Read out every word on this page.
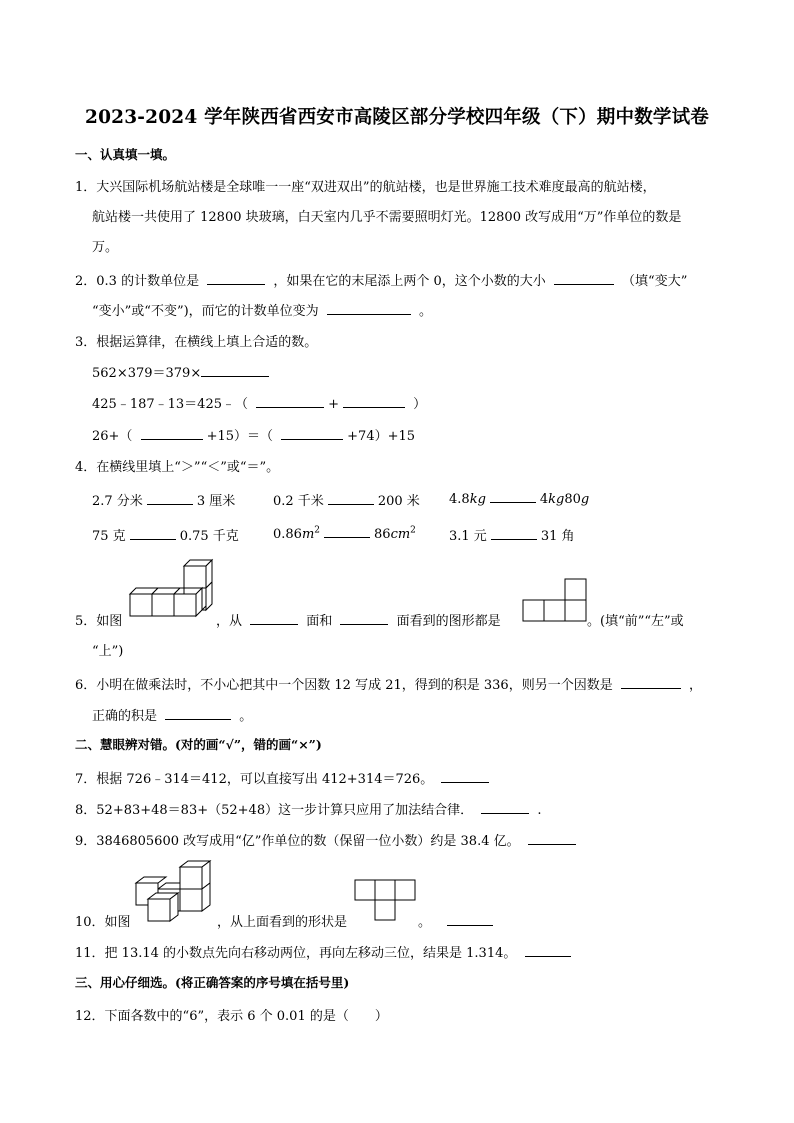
2023-2024 学年陕西省西安市高陵区部分学校四年级（下）期中数学试卷
一、认真填一填。
1．大兴国际机场航站楼是全球唯一一座“双进双出”的航站楼，也是世界施工技术难度最高的航站楼，
航站楼一共使用了 12800 块玻璃，白天室内几乎不需要照明灯光。12800 改写成用“万”作单位的数是
万。
2．0.3 的计数单位是	，如果在它的末尾添上两个 0，这个小数的大小	（填“变大”
“变小”或“不变”)，而它的计数单位变为	。
3．根据运算律，在横线上填上合适的数。
562×379＝379×
425﹣187﹣13＝425﹣（	+	）
26+（	+15）＝（	+74）+15
4．在横线里填上“＞”“＜”或“＝”。
2.7 分米	3 厘米	0.2 千米	200 米 4.8kg	4kg80g
75 克	0.75 千克	$0.86m^2$	$86cm^2$	3.1 元	31 角
5．如图	，从	面和	面看到的图形都是	。(填“前”“左”或
“上”)
6．小明在做乘法时，不小心把其中一个因数 12 写成 21，得到的积是 336，则另一个因数是	，
正确的积是	。
二、慧眼辨对错。(对的画“√”，错的画“×”)
7．根据 726﹣314＝412，可以直接写出 412+314＝726。
8．52+83+48＝83+（52+48）这一步计算只应用了加法结合律．	.
9．3846805600 改写成用“亿”作单位的数（保留一位小数）约是 38.4 亿。
10．如图	，从上面看到的形状是	。
11．把 13.14 的小数点先向右移动两位，再向左移动三位，结果是 1.314。
三、用心仔细选。(将正确答案的序号填在括号里)
12．下面各数中的“6”，表示 6 个 0.01 的是（　　）
